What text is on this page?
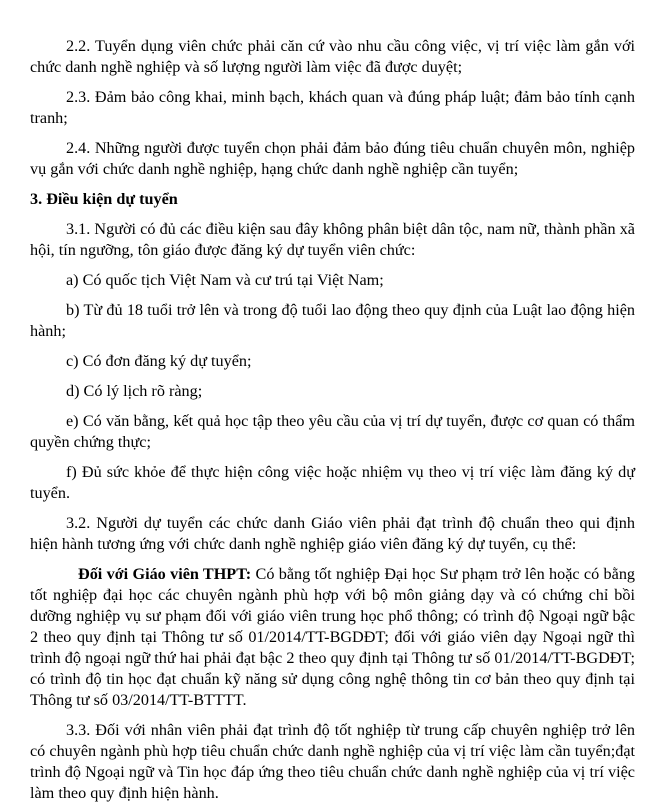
2.2. Tuyển dụng viên chức phải căn cứ vào nhu cầu công việc, vị trí việc làm gắn với chức danh nghề nghiệp và số lượng người làm việc đã được duyệt;

2.3. Đảm bảo công khai, minh bạch, khách quan và đúng pháp luật; đảm bảo tính cạnh tranh;

2.4. Những người được tuyển chọn phải đảm bảo đúng tiêu chuẩn chuyên môn, nghiệp vụ gắn với chức danh nghề nghiệp, hạng chức danh nghề nghiệp cần tuyển;

3. Điều kiện dự tuyển

3.1. Người có đủ các điều kiện sau đây không phân biệt dân tộc, nam nữ, thành phần xã hội, tín ngưỡng, tôn giáo được đăng ký dự tuyển viên chức:

a) Có quốc tịch Việt Nam và cư trú tại Việt Nam;

b) Từ đủ 18 tuổi trở lên và trong độ tuổi lao động theo quy định của Luật lao động hiện hành;

c) Có đơn đăng ký dự tuyển;

d) Có lý lịch rõ ràng;

e) Có văn bằng, kết quả học tập theo yêu cầu của vị trí dự tuyển, được cơ quan có thẩm quyền chứng thực;

f) Đủ sức khỏe để thực hiện công việc hoặc nhiệm vụ theo vị trí việc làm đăng ký dự tuyển.

3.2. Người dự tuyển các chức danh Giáo viên phải đạt trình độ chuẩn theo qui định hiện hành tương ứng với chức danh nghề nghiệp giáo viên đăng ký dự tuyển, cụ thể:

Đối với Giáo viên THPT: Có bằng tốt nghiệp Đại học Sư phạm trở lên hoặc có bằng tốt nghiệp đại học các chuyên ngành phù hợp với bộ môn giảng dạy và có chứng chỉ bồi dưỡng nghiệp vụ sư phạm đối với giáo viên trung học phổ thông; có trình độ Ngoại ngữ bậc 2 theo quy định tại Thông tư số 01/2014/TT-BGDĐT; đối với giáo viên dạy Ngoại ngữ thì trình độ ngoại ngữ thứ hai phải đạt bậc 2 theo quy định tại Thông tư số 01/2014/TT-BGDĐT; có trình độ tin học đạt chuẩn kỹ năng sử dụng công nghệ thông tin cơ bản theo quy định tại Thông tư số 03/2014/TT-BTTTT.

3.3. Đối với nhân viên phải đạt trình độ tốt nghiệp từ trung cấp chuyên nghiệp trở lên có chuyên ngành phù hợp tiêu chuẩn chức danh nghề nghiệp của vị trí việc làm cần tuyển;đạt trình độ Ngoại ngữ và Tin học đáp ứng theo tiêu chuẩn chức danh nghề nghiệp của vị trí việc làm theo quy định hiện hành.
